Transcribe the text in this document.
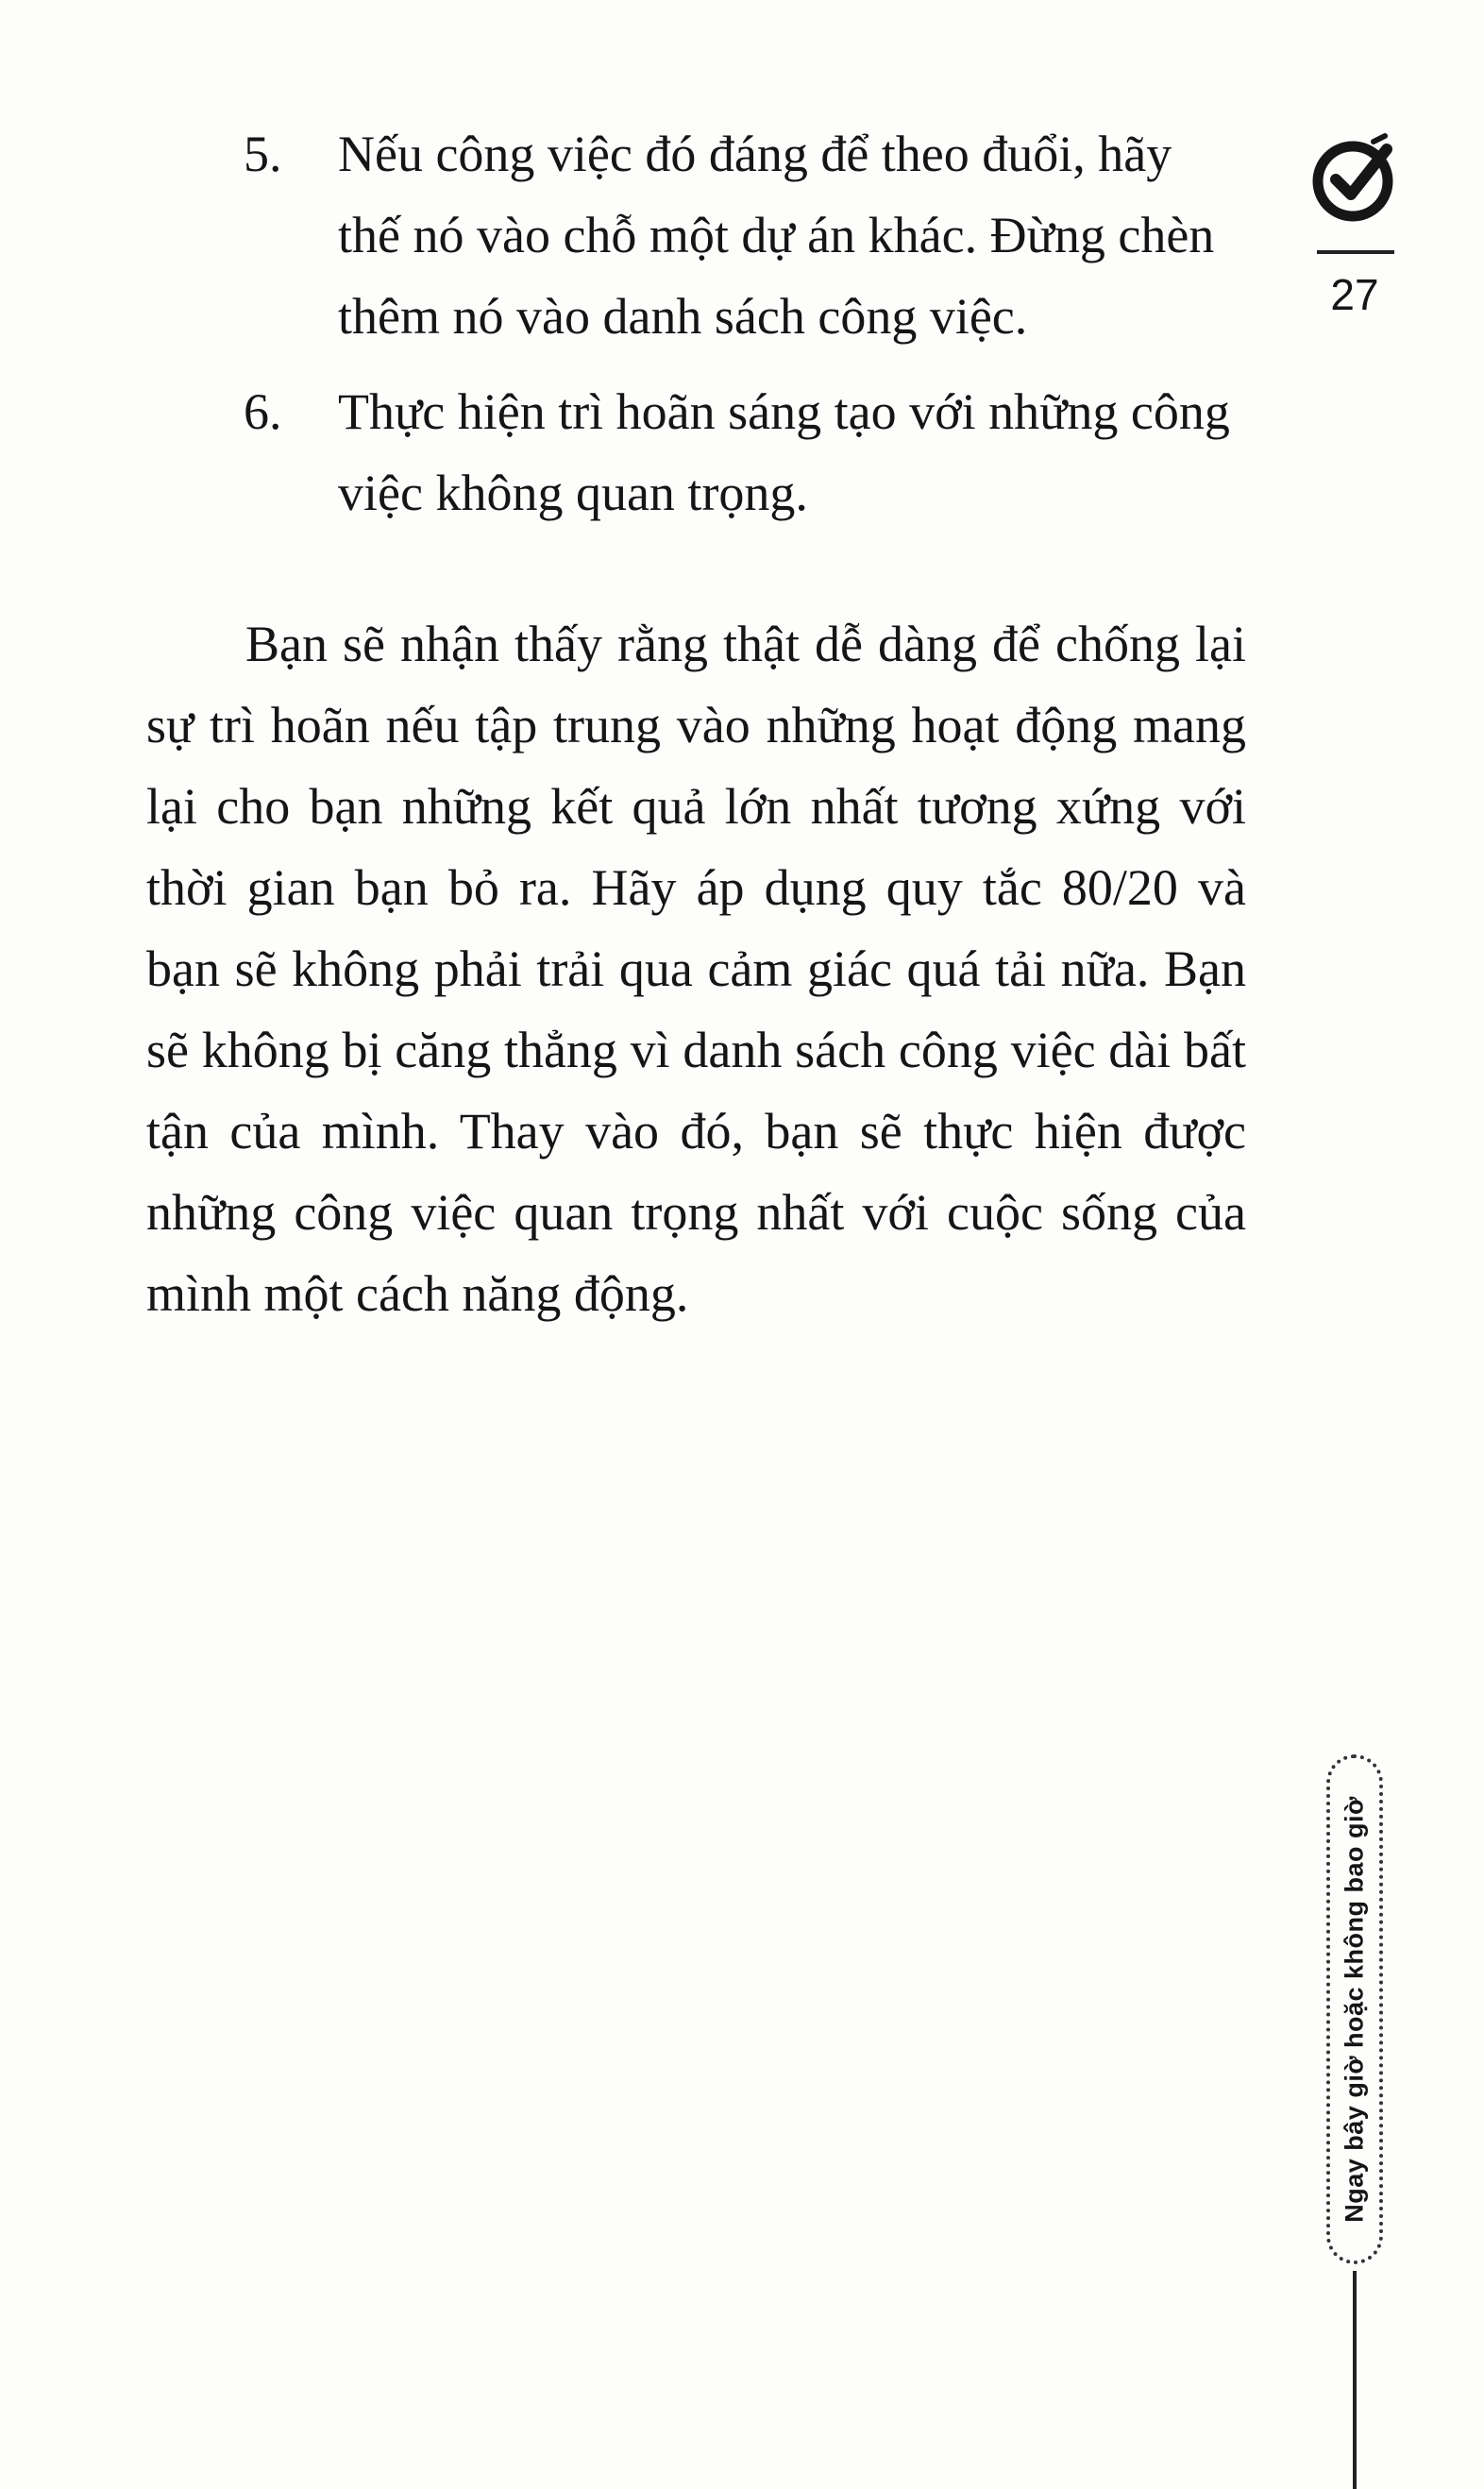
5. Nếu công việc đó đáng để theo đuổi, hãy thế nó vào chỗ một dự án khác. Đừng chèn thêm nó vào danh sách công việc.
6. Thực hiện trì hoãn sáng tạo với những công việc không quan trọng.

Bạn sẽ nhận thấy rằng thật dễ dàng để chống lại sự trì hoãn nếu tập trung vào những hoạt động mang lại cho bạn những kết quả lớn nhất tương xứng với thời gian bạn bỏ ra. Hãy áp dụng quy tắc 80/20 và bạn sẽ không phải trải qua cảm giác quá tải nữa. Bạn sẽ không bị căng thẳng vì danh sách công việc dài bất tận của mình. Thay vào đó, bạn sẽ thực hiện được những công việc quan trọng nhất với cuộc sống của mình một cách năng động.

27
Ngay bây giờ hoặc không bao giờ
